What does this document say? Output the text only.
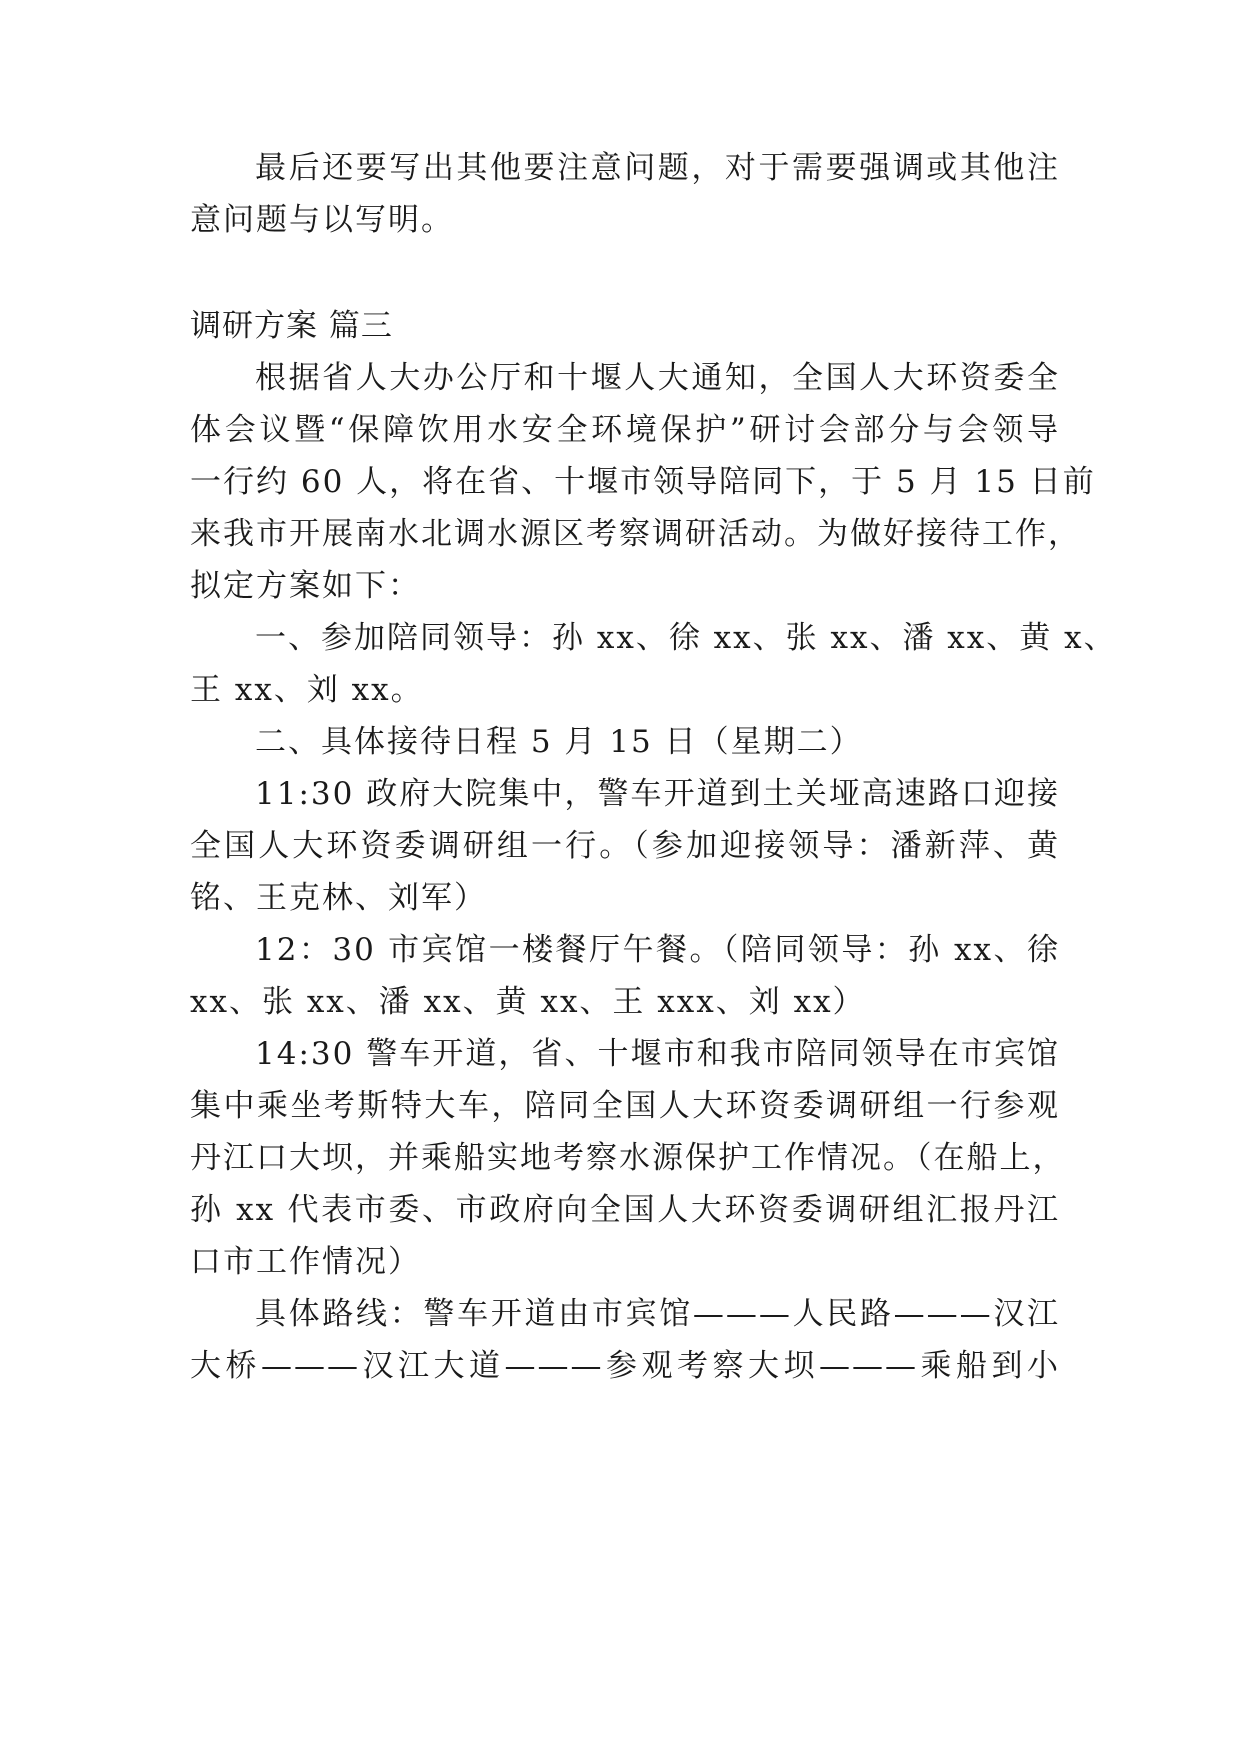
最后还要写出其他要注意问题，对于需要强调或其他注
意问题与以写明。
调研方案 篇三
根据省人大办公厅和十堰人大通知，全国人大环资委全
体会议暨“保障饮用水安全环境保护”研讨会部分与会领导
一行约 60 人，将在省、十堰市领导陪同下，于 5 月 15 日前
来我市开展南水北调水源区考察调研活动。为做好接待工作，
拟定方案如下：
一、参加陪同领导：孙 xx、徐 xx、张 xx、潘 xx、黄 x、
王 xx、刘 xx。
二、具体接待日程 5 月 15 日（星期二）
11:30 政府大院集中，警车开道到土关垭高速路口迎接
全国人大环资委调研组一行。（参加迎接领导：潘新萍、黄
铭、王克林、刘军）
12：30 市宾馆一楼餐厅午餐。（陪同领导：孙 xx、徐
xx、张 xx、潘 xx、黄 xx、王 xxx、刘 xx）
14:30 警车开道，省、十堰市和我市陪同领导在市宾馆
集中乘坐考斯特大车，陪同全国人大环资委调研组一行参观
丹江口大坝，并乘船实地考察水源保护工作情况。（在船上，
孙 xx 代表市委、市政府向全国人大环资委调研组汇报丹江
口市工作情况）
具体路线：警车开道由市宾馆———人民路———汉江
大桥———汉江大道———参观考察大坝———乘船到小
